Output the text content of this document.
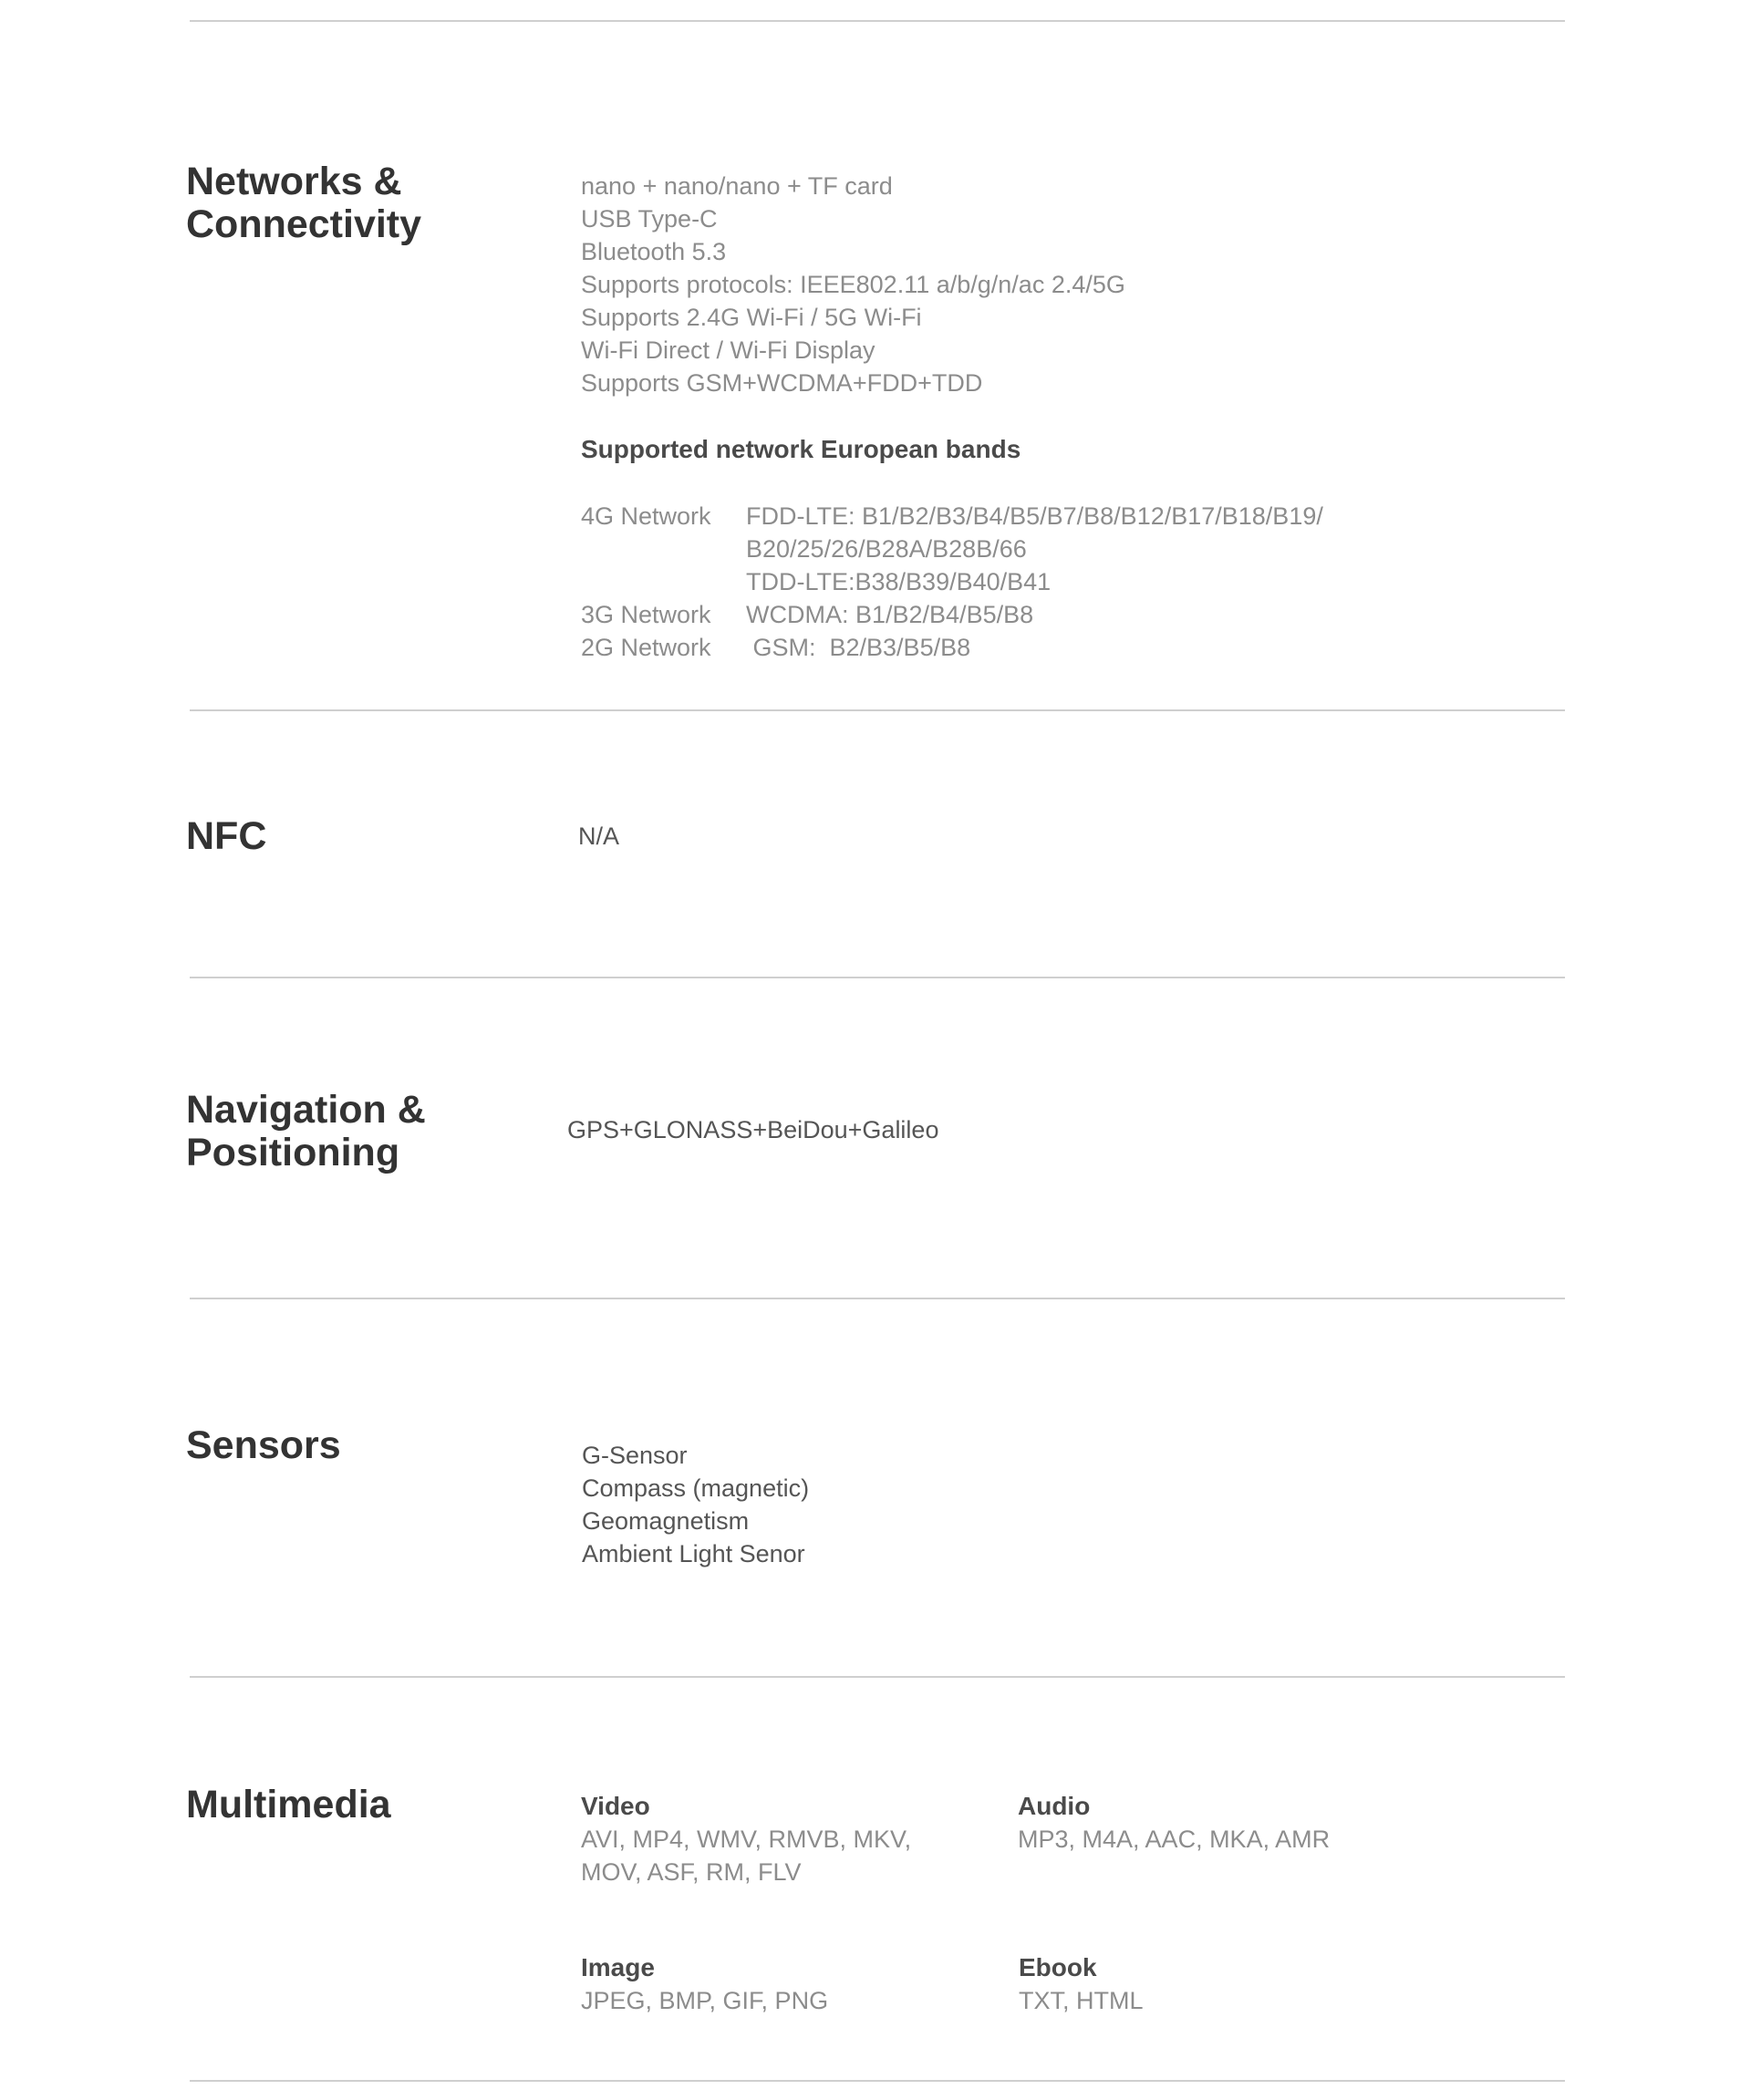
Networks &
Connectivity
nano + nano/nano + TF card
USB Type-C
Bluetooth 5.3
Supports protocols: IEEE802.11 a/b/g/n/ac 2.4/5G
Supports 2.4G Wi-Fi / 5G Wi-Fi
Wi-Fi Direct / Wi-Fi Display
Supports GSM+WCDMA+FDD+TDD
Supported network European bands
4G Network	FDD-LTE: B1/B2/B3/B4/B5/B7/B8/B12/B17/B18/B19/
B20/25/26/B28A/B28B/66
TDD-LTE:B38/B39/B40/B41
3G Network	WCDMA: B1/B2/B4/B5/B8
2G Network	GSM:  B2/B3/B5/B8
NFC	N/A
Navigation &
Positioning
GPS+GLONASS+BeiDou+Galileo
Sensors	G-Sensor
Compass (magnetic)
Geomagnetism
Ambient Light Senor
Multimedia	Video
AVI, MP4, WMV, RMVB, MKV,
MOV, ASF, RM, FLV
Audio
MP3, M4A, AAC, MKA, AMR
Image
JPEG, BMP, GIF, PNG
Ebook
TXT, HTML
